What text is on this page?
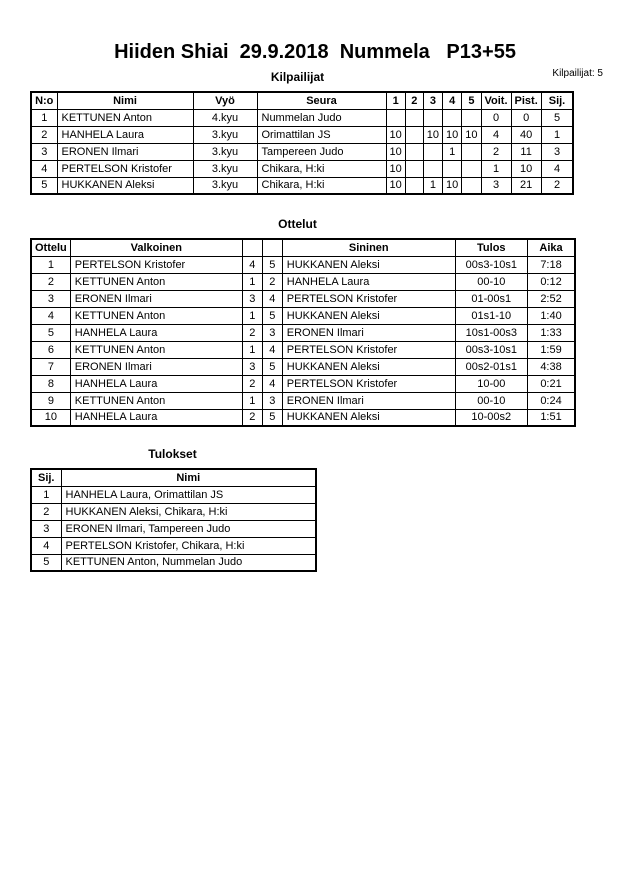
Hiiden Shiai  29.9.2018  Nummela   P13+55
Kilpailijat: 5
Kilpailijat
N:o	Nimi	Vyö	Seura	1	2	3	4	5	Voit.	Pist.	Sij.
1	KETTUNEN Anton	4.kyu	Nummelan Judo						0	0	5
2	HANHELA Laura	3.kyu	Orimattilan JS	10		10	10	10	4	40	1
3	ERONEN Ilmari	3.kyu	Tampereen Judo	10			1		2	11	3
4	PERTELSON Kristofer	3.kyu	Chikara, H:ki	10					1	10	4
5	HUKKANEN Aleksi	3.kyu	Chikara, H:ki	10		1	10		3	21	2
Ottelut
Ottelu	Valkoinen			Sininen	Tulos	Aika
1	PERTELSON Kristofer	4	5	HUKKANEN Aleksi	00s3-10s1	7:18
2	KETTUNEN Anton	1	2	HANHELA Laura	00-10	0:12
3	ERONEN Ilmari	3	4	PERTELSON Kristofer	01-00s1	2:52
4	KETTUNEN Anton	1	5	HUKKANEN Aleksi	01s1-10	1:40
5	HANHELA Laura	2	3	ERONEN Ilmari	10s1-00s3	1:33
6	KETTUNEN Anton	1	4	PERTELSON Kristofer	00s3-10s1	1:59
7	ERONEN Ilmari	3	5	HUKKANEN Aleksi	00s2-01s1	4:38
8	HANHELA Laura	2	4	PERTELSON Kristofer	10-00	0:21
9	KETTUNEN Anton	1	3	ERONEN Ilmari	00-10	0:24
10	HANHELA Laura	2	5	HUKKANEN Aleksi	10-00s2	1:51
Tulokset
Sij.	Nimi
1	HANHELA Laura, Orimattilan JS
2	HUKKANEN Aleksi, Chikara, H:ki
3	ERONEN Ilmari, Tampereen Judo
4	PERTELSON Kristofer, Chikara, H:ki
5	KETTUNEN Anton, Nummelan Judo
